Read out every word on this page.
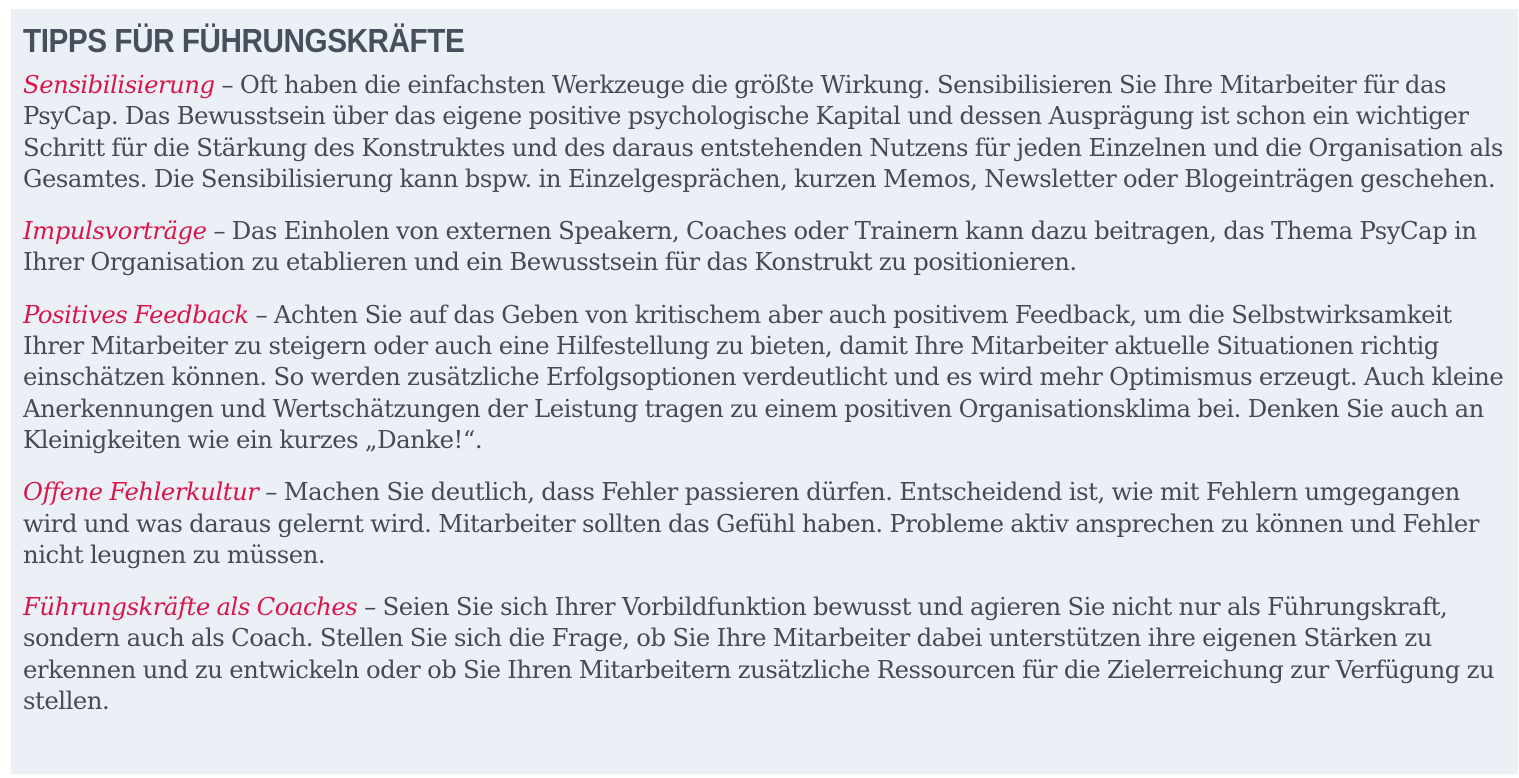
TIPPS FÜR FÜHRUNGSKRÄFTE

Sensibilisierung – Oft haben die einfachsten Werkzeuge die größte Wirkung. Sensibilisieren Sie Ihre Mitarbeiter für das PsyCap. Das Bewusstsein über das eigene positive psychologische Kapital und dessen Ausprägung ist schon ein wichtiger Schritt für die Stärkung des Konstruktes und des daraus entstehenden Nutzens für jeden Einzelnen und die Organisation als Gesamtes. Die Sensibilisierung kann bspw. in Einzelgesprächen, kurzen Memos, Newsletter oder Blogeinträgen geschehen.

Impulsvorträge – Das Einholen von externen Speakern, Coaches oder Trainern kann dazu beitragen, das Thema PsyCap in Ihrer Organisation zu etablieren und ein Bewusstsein für das Konstrukt zu positionieren.

Positives Feedback – Achten Sie auf das Geben von kritischem aber auch positivem Feedback, um die Selbstwirksamkeit Ihrer Mitarbeiter zu steigern oder auch eine Hilfestellung zu bieten, damit Ihre Mitarbeiter aktuelle Situationen richtig einschätzen können. So werden zusätzliche Erfolgsoptionen verdeutlicht und es wird mehr Optimismus erzeugt. Auch kleine Anerkennungen und Wertschätzungen der Leistung tragen zu einem positiven Organisationsklima bei. Denken Sie auch an Kleinigkeiten wie ein kurzes „Danke!“.

Offene Fehlerkultur – Machen Sie deutlich, dass Fehler passieren dürfen. Entscheidend ist, wie mit Fehlern umgegangen wird und was daraus gelernt wird. Mitarbeiter sollten das Gefühl haben. Probleme aktiv ansprechen zu können und Fehler nicht leugnen zu müssen.

Führungskräfte als Coaches – Seien Sie sich Ihrer Vorbildfunktion bewusst und agieren Sie nicht nur als Führungskraft, sondern auch als Coach. Stellen Sie sich die Frage, ob Sie Ihre Mitarbeiter dabei unterstützen ihre eigenen Stärken zu erkennen und zu entwickeln oder ob Sie Ihren Mitarbeitern zusätzliche Ressourcen für die Zielerreichung zur Verfügung zu stellen.
